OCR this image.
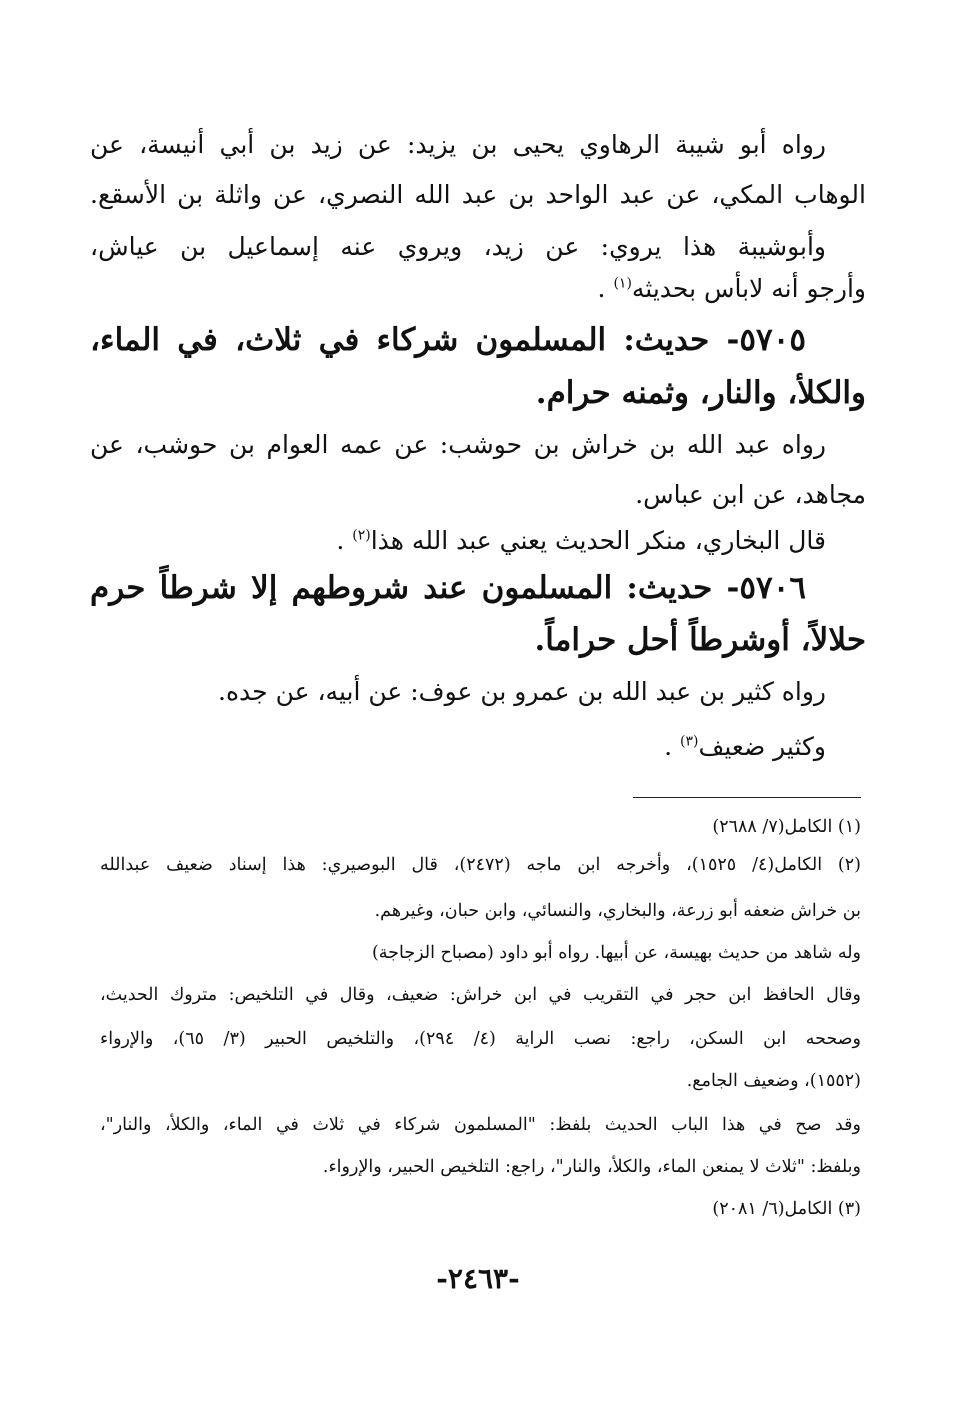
رواه أبو شيبة الرهاوي يحيى بن يزيد: عن زيد بن أبي أنيسة، عن
الوهاب المكي، عن عبد الواحد بن عبد الله النصري، عن واثلة بن الأسقع.
وأبوشيبة هذا يروي: عن زيد، ويروي عنه إسماعيل بن عياش،
وأرجو أنه لابأس بحديثه$^{(١)}$ .
٥٧٠٥- حديث: المسلمون شركاء في ثلاث، في الماء،
والكلأ، والنار، وثمنه حرام.
رواه عبد الله بن خراش بن حوشب: عن عمه العوام بن حوشب، عن
مجاهد، عن ابن عباس.
قال البخاري، منكر الحديث يعني عبد الله هذا$^{(٢)}$ .
٥٧٠٦- حديث: المسلمون عند شروطهم إلا شرطاً حرم
حلالاً، أوشرطاً أحل حراماً.
رواه كثير بن عبد الله بن عمرو بن عوف: عن أبيه، عن جده.
وكثير ضعيف$^{(٣)}$ .
(١) الكامل(٧/ ٢٦٨٨)
(٢) الكامل(٤/ ١٥٢٥)، وأخرجه ابن ماجه (٢٤٧٢)، قال البوصيري: هذا إسناد ضعيف عبدالله
بن خراش ضعفه أبو زرعة، والبخاري، والنسائي، وابن حبان، وغيرهم.
وله شاهد من حديث بهيسة، عن أبيها. رواه أبو داود (مصباح الزجاجة)
وقال الحافظ ابن حجر في التقريب في ابن خراش: ضعيف، وقال في التلخيص: متروك الحديث،
وصححه ابن السكن، راجع: نصب الراية (٤/ ٢٩٤)، والتلخيص الحبير (٣/ ٦٥)، والإرواء
(١٥٥٢)، وضعيف الجامع.
وقد صح في هذا الباب الحديث بلفظ: "المسلمون شركاء في ثلاث في الماء، والكلأ، والنار"،
وبلفظ: "ثلاث لا يمنعن الماء، والكلأ، والنار"، راجع: التلخيص الحبير، والإرواء.
(٣) الكامل(٦/ ٢٠٨١)
-٢٤٦٣-
